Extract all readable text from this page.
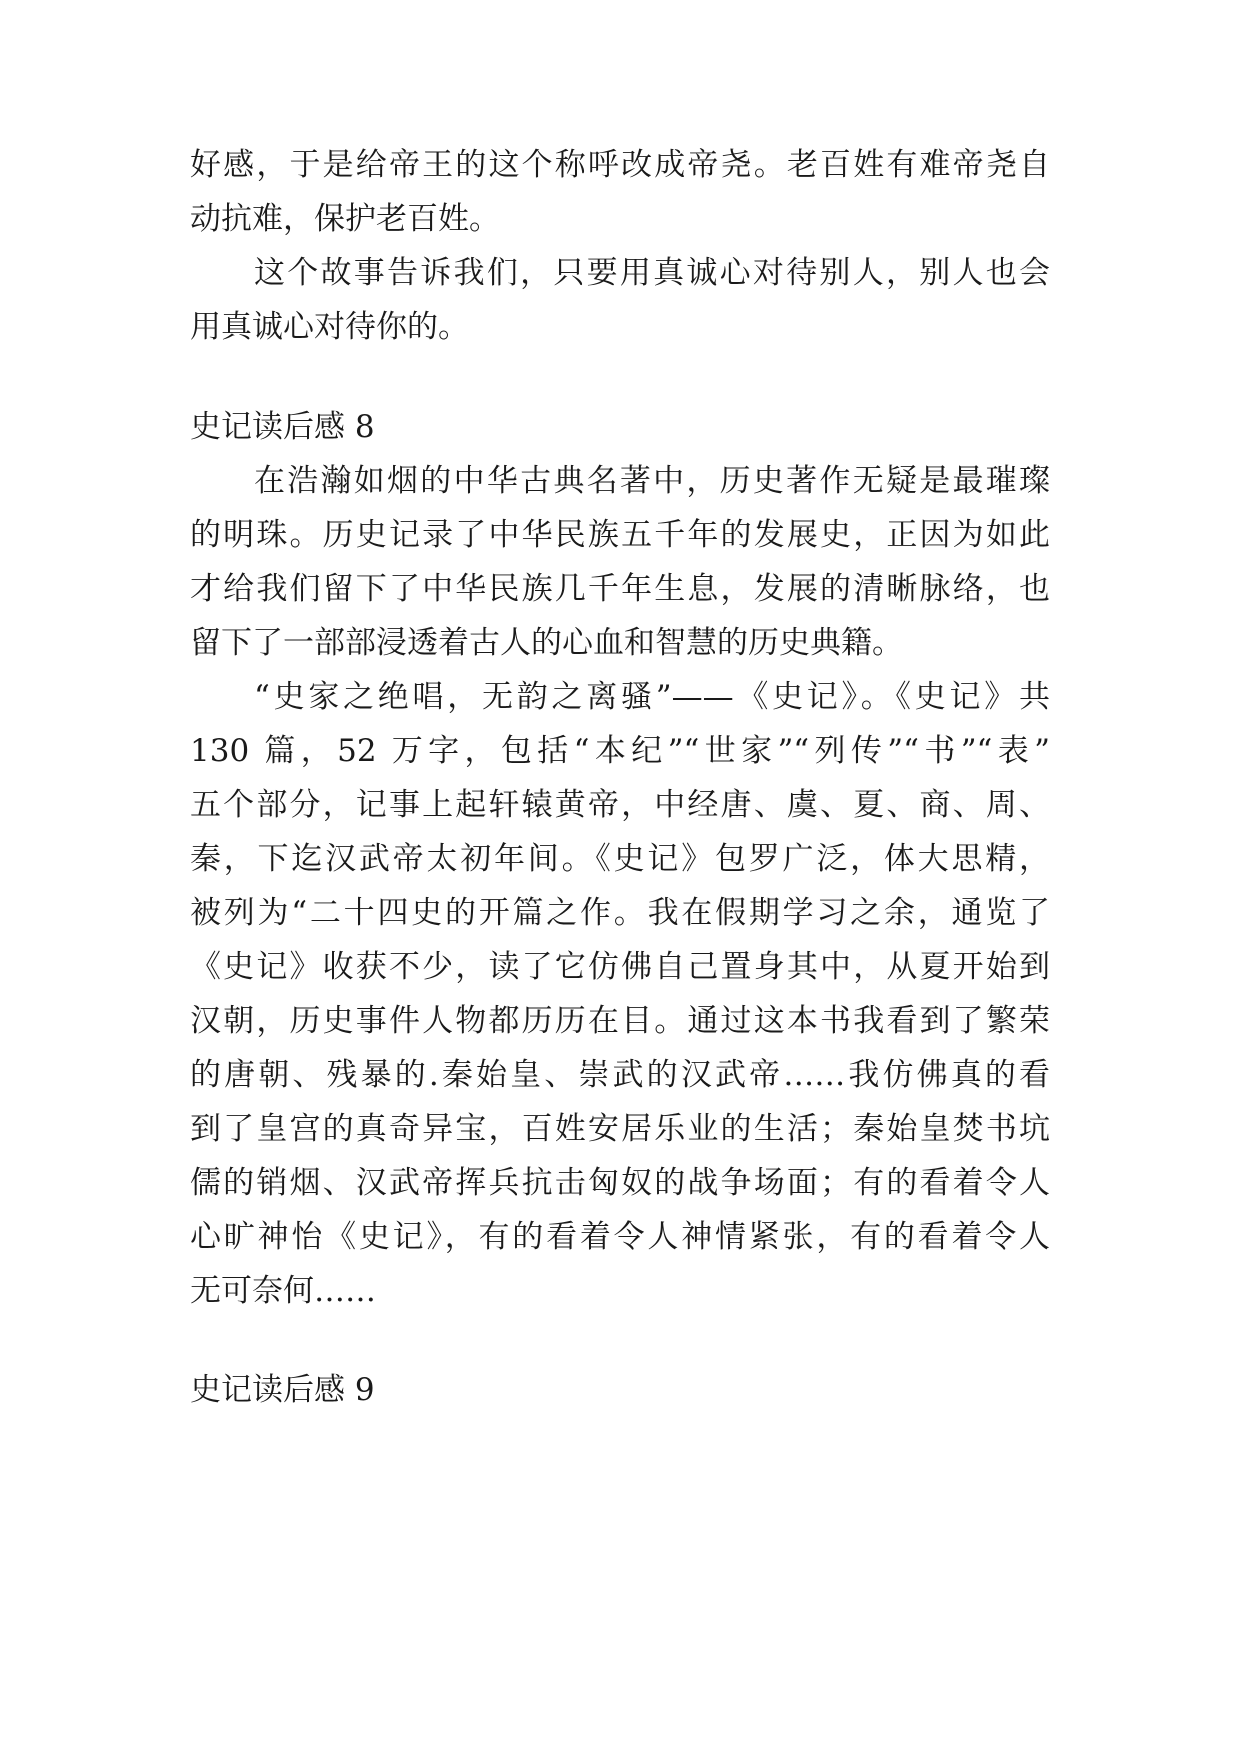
好感，于是给帝王的这个称呼改成帝尧。老百姓有难帝尧自
动抗难，保护老百姓。
这个故事告诉我们，只要用真诚心对待别人，别人也会
用真诚心对待你的。
史记读后感 8
在浩瀚如烟的中华古典名著中，历史著作无疑是最璀璨
的明珠。历史记录了中华民族五千年的发展史，正因为如此
才给我们留下了中华民族几千年生息，发展的清晰脉络，也
留下了一部部浸透着古人的心血和智慧的历史典籍。
“史家之绝唱，无韵之离骚”——《史记》。《史记》共
130 篇，52 万字，包括“本纪”“世家”“列传”“书”“表”
五个部分，记事上起轩辕黄帝，中经唐、虞、夏、商、周、
秦，下迄汉武帝太初年间。《史记》包罗广泛，体大思精，
被列为“二十四史的开篇之作。我在假期学习之余，通览了
《史记》收获不少，读了它仿佛自己置身其中，从夏开始到
汉朝，历史事件人物都历历在目。通过这本书我看到了繁荣
的唐朝、残暴的.秦始皇、崇武的汉武帝……我仿佛真的看
到了皇宫的真奇异宝，百姓安居乐业的生活；秦始皇焚书坑
儒的销烟、汉武帝挥兵抗击匈奴的战争场面；有的看着令人
心旷神怡《史记》，有的看着令人神情紧张，有的看着令人
无可奈何……
史记读后感 9
